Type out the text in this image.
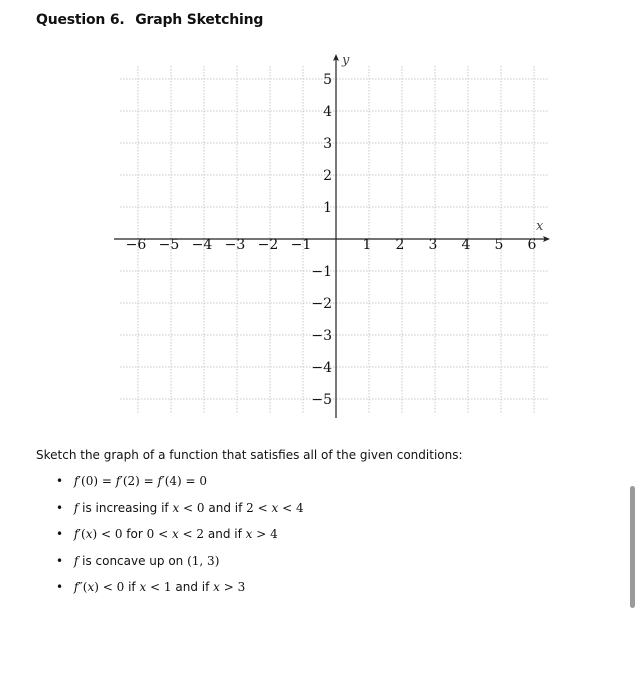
Question 6. Graph Sketching
−6 −5 −4 −3 −2 −1	1 2 3 4 5 6
5
4
3
2
1
−1
−2
−3
−4
−5
x
y
Sketch the graph of a function that satisfies all of the given conditions:
• f′(0) = f′(2) = f′(4) = 0
• f is increasing if x < 0 and if 2 < x < 4
• f′(x) < 0 for 0 < x < 2 and if x > 4
• f is concave up on (1, 3)
• f″(x) < 0 if x < 1 and if x > 3
